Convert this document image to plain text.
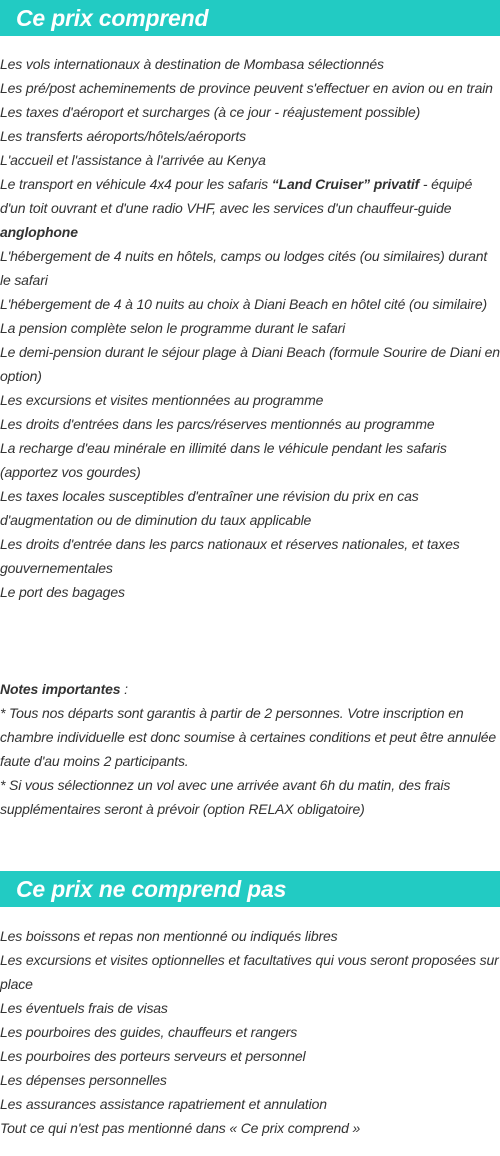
Ce prix comprend

Les vols internationaux à destination de Mombasa sélectionnés

Les pré/post acheminements de province peuvent s'effectuer en avion ou en train

Les taxes d'aéroport et surcharges (à ce jour - réajustement possible)

Les transferts aéroports/hôtels/aéroports

L'accueil et l'assistance à l'arrivée au Kenya

Le transport en véhicule 4x4 pour les safaris “Land Cruiser” privatif - équipé d'un toit ouvrant et d'une radio VHF, avec les services d'un chauffeur-guide anglophone

L'hébergement de 4 nuits en hôtels, camps ou lodges cités (ou similaires) durant le safari

L'hébergement de 4 à 10 nuits au choix à Diani Beach en hôtel cité (ou similaire)

La pension complète selon le programme durant le safari

Le demi-pension durant le séjour plage à Diani Beach (formule Sourire de Diani en option)

Les excursions et visites mentionnées au programme

Les droits d'entrées dans les parcs/réserves mentionnés au programme

La recharge d'eau minérale en illimité dans le véhicule pendant les safaris (apportez vos gourdes)

Les taxes locales susceptibles d'entraîner une révision du prix en cas d'augmentation ou de diminution du taux applicable

Les droits d'entrée dans les parcs nationaux et réserves nationales, et taxes gouvernementales

Le port des bagages

Notes importantes :

* Tous nos départs sont garantis à partir de 2 personnes. Votre inscription en chambre individuelle est donc soumise à certaines conditions et peut être annulée faute d'au moins 2 participants.

* Si vous sélectionnez un vol avec une arrivée avant 6h du matin, des frais supplémentaires seront à prévoir (option RELAX obligatoire)

Ce prix ne comprend pas

Les boissons et repas non mentionné ou indiqués libres

Les excursions et visites optionnelles et facultatives qui vous seront proposées sur place

Les éventuels frais de visas

Les pourboires des guides, chauffeurs et rangers

Les pourboires des porteurs serveurs et personnel

Les dépenses personnelles

Les assurances assistance rapatriement et annulation

Tout ce qui n'est pas mentionné dans « Ce prix comprend »
